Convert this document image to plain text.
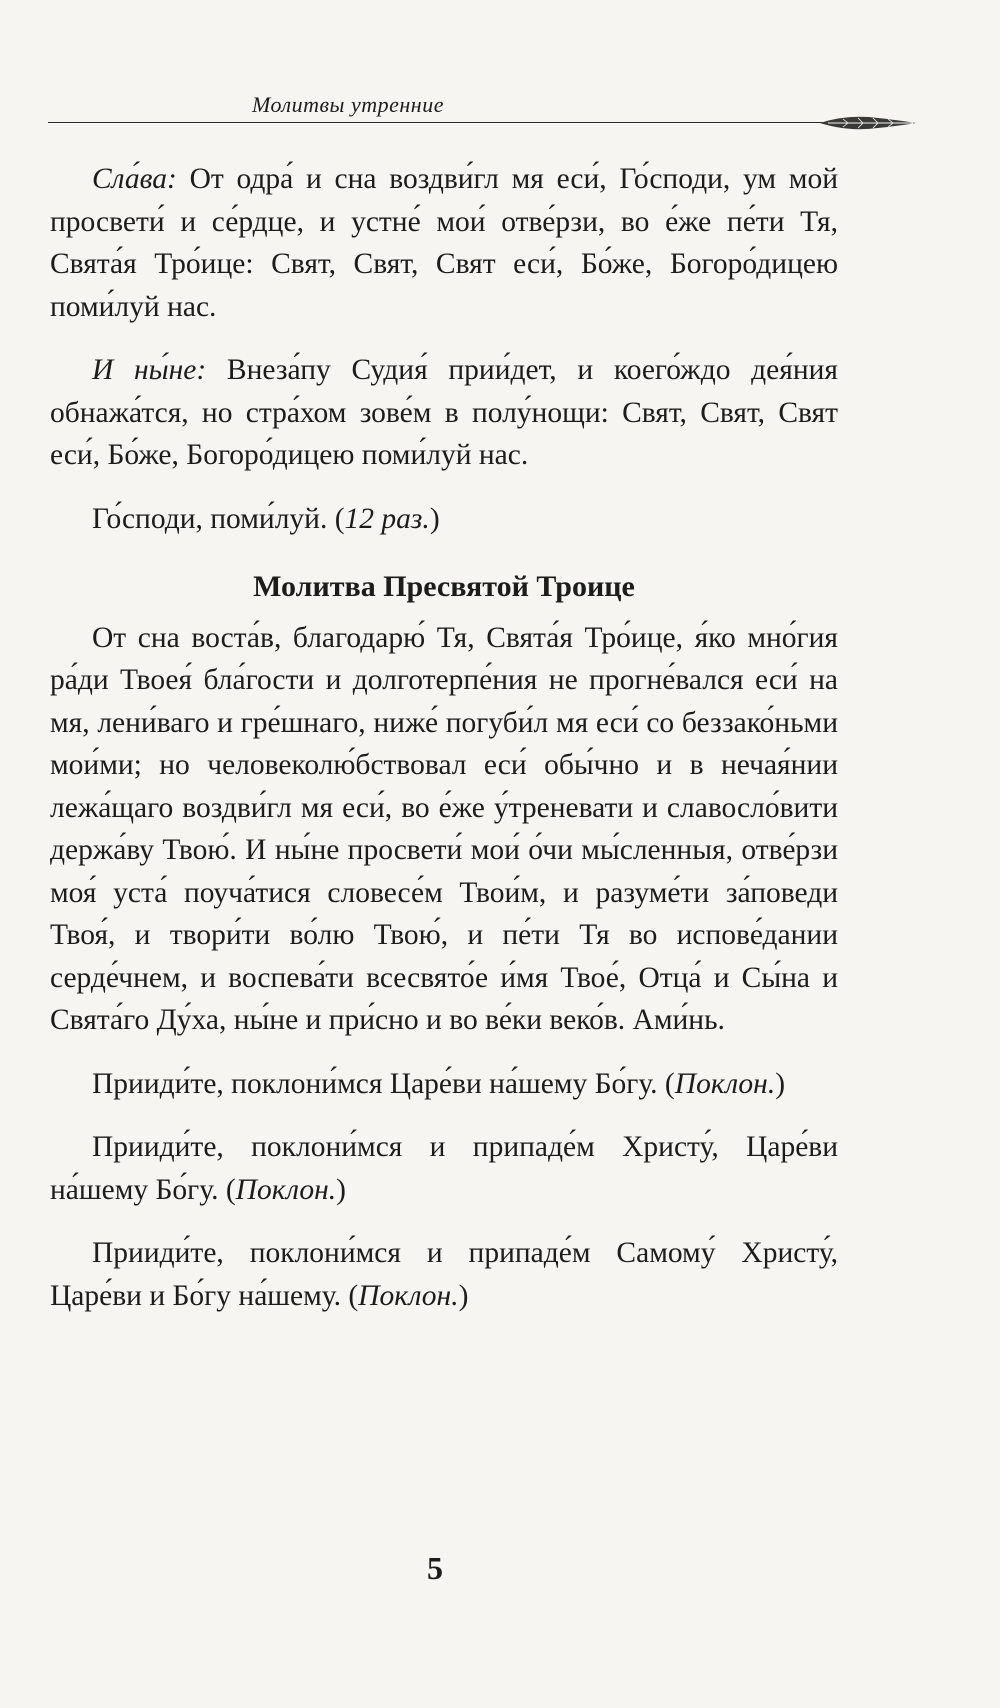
Молитвы утренние

Сла́ва: От одра́ и сна воздви́гл мя еси́, Го́споди, ум мой просвети́ и се́рдце, и устне́ мои́ отве́рзи, во е́же пе́ти Тя, Свята́я Тро́ице: Свят, Свят, Свят еси́, Бо́же, Богоро́дицею поми́луй нас.

И ны́не: Внеза́пу Судия́ прии́дет, и коего́ждо дея́ния обнажа́тся, но стра́хом зове́м в полу́нощи: Свят, Свят, Свят еси́, Бо́же, Богоро́дицею поми́луй нас.

Го́споди, поми́луй. (12 раз.)

Молитва Пресвятой Троице

От сна воста́в, благодарю́ Тя, Свята́я Тро́ице, я́ко мно́гия ра́ди Твоея́ бла́гости и долготерпе́ния не прогне́вался еси́ на мя, лени́ваго и гре́шнаго, ниже́ погуби́л мя еси́ со беззако́ньми мои́ми; но человеколю́бствовал еси́ обы́чно и в нечая́нии лежа́щаго воздви́гл мя еси́, во е́же у́треневати и славосло́вити держа́ву Твою́. И ны́не просвети́ мои́ о́чи мы́сленныя, отве́рзи моя́ уста́ поуча́тися словесе́м Твои́м, и разуме́ти за́поведи Твоя́, и твори́ти во́лю Твою́, и пе́ти Тя во испове́дании серде́чнем, и воспева́ти всесвято́е и́мя Твое́, Отца́ и Сы́на и Свята́го Ду́ха, ны́не и при́сно и во ве́ки веко́в. Ами́нь.

Прииди́те, поклони́мся Царе́ви на́шему Бо́гу. (Поклон.)

Прииди́те, поклони́мся и припаде́м Христу́, Царе́ви на́шему Бо́гу. (Поклон.)

Прииди́те, поклони́мся и припаде́м Самому́ Христу́, Царе́ви и Бо́гу на́шему. (Поклон.)

5
